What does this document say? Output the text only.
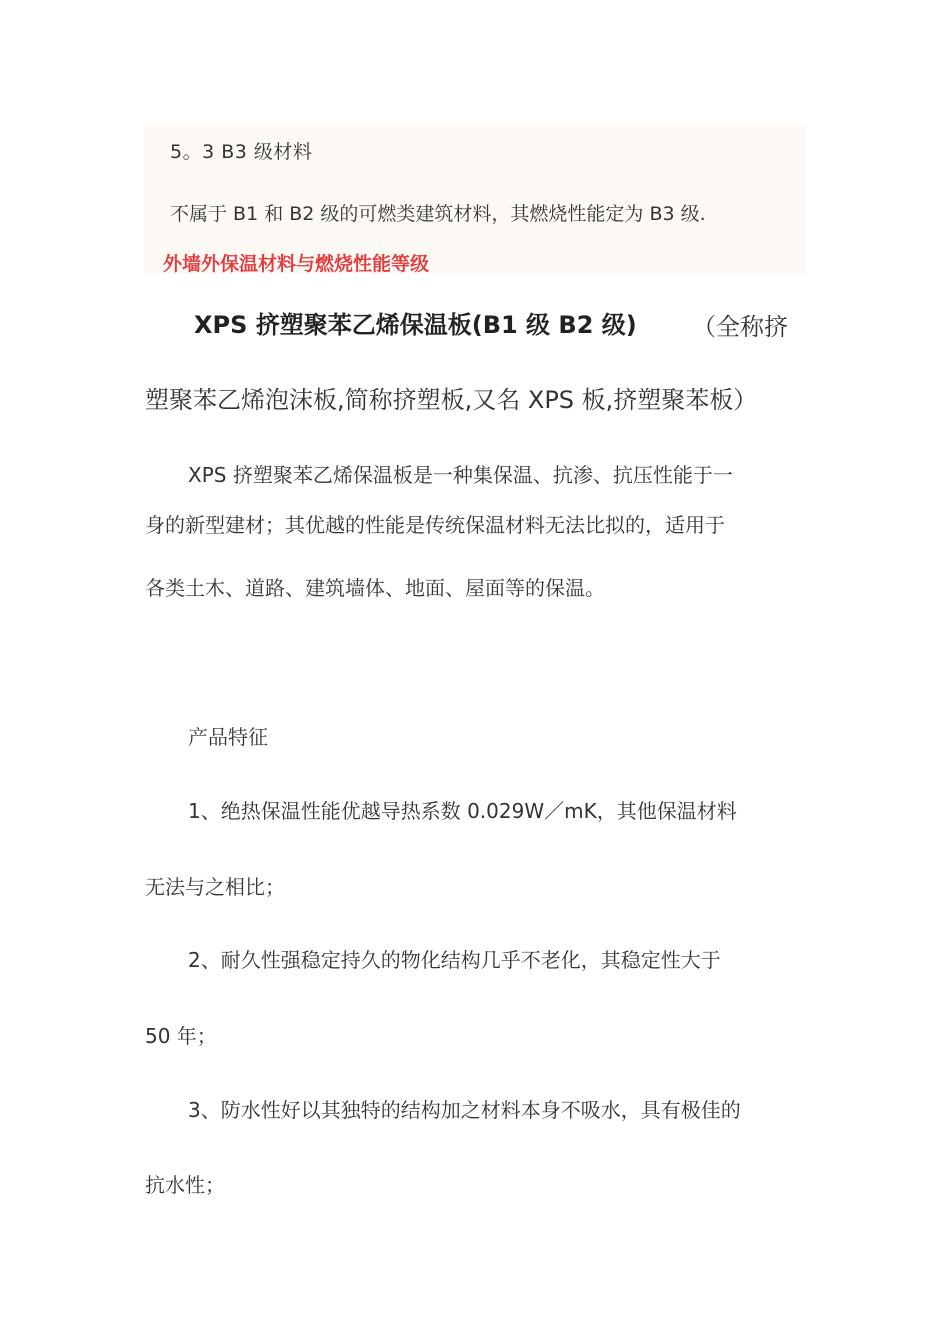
5。3 B3 级材料
不属于 B1 和 B2 级的可燃类建筑材料，其燃烧性能定为 B3 级.
外墙外保温材料与燃烧性能等级
XPS 挤塑聚苯乙烯保温板(B1 级 B2 级) （全称挤
塑聚苯乙烯泡沫板,简称挤塑板,又名 XPS 板,挤塑聚苯板）
XPS 挤塑聚苯乙烯保温板是一种集保温、抗渗、抗压性能于一
身的新型建材；其优越的性能是传统保温材料无法比拟的，适用于
各类土木、道路、建筑墙体、地面、屋面等的保温。
产品特征
1、绝热保温性能优越导热系数 0.029W／mK，其他保温材料
无法与之相比；
2、耐久性强稳定持久的物化结构几乎不老化，其稳定性大于
50 年；
3、防水性好以其独特的结构加之材料本身不吸水，具有极佳的
抗水性；
